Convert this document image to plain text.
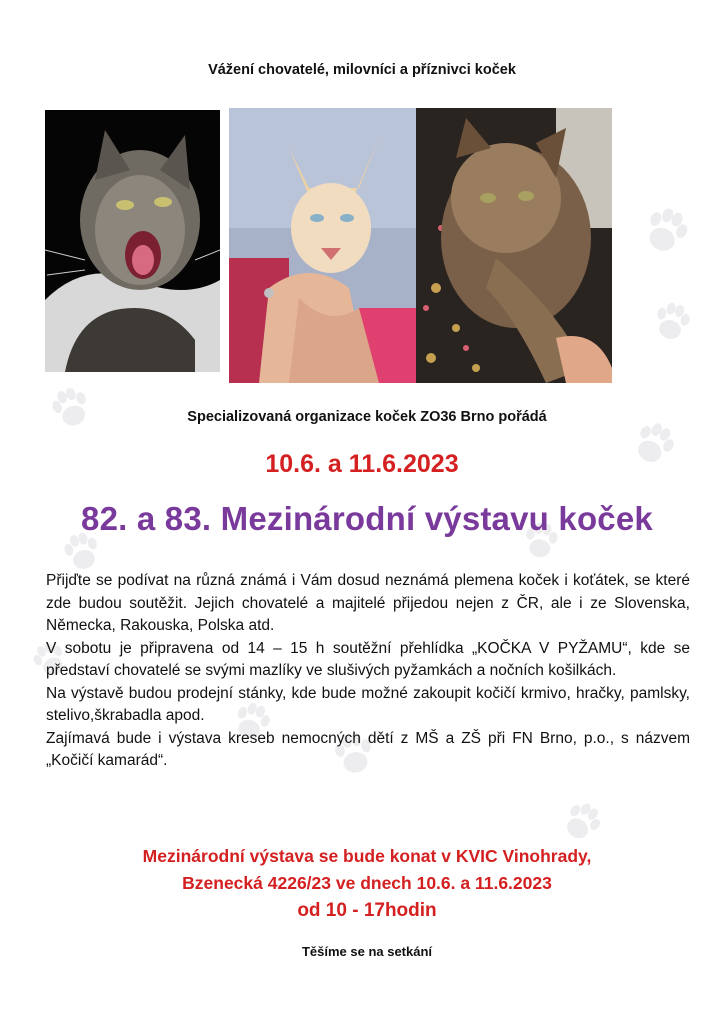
Vážení chovatelé, milovníci a příznivci koček
Specializovaná organizace koček ZO36 Brno pořádá
10.6. a 11.6.2023
82. a 83. Mezinárodní výstavu koček

Přijďte se podívat na různá známá i Vám dosud neznámá plemena koček i koťátek, se které zde budou soutěžit. Jejich chovatelé a majitelé přijedou nejen z ČR, ale i ze Slovenska, Německa, Rakouska, Polska atd.

V sobotu je připravena od 14 – 15 h soutěžní přehlídka „KOČKA V PYŽAMU“, kde se představí chovatelé se svými mazlíky ve slušivých pyžamkách a nočních košilkách.

Na výstavě budou prodejní stánky, kde bude možné zakoupit kočičí krmivo, hračky, pamlsky, stelivo,škrabadla apod.

Zajímavá bude i výstava kreseb nemocných dětí z MŠ a ZŠ při FN Brno, p.o., s názvem „Kočičí kamarád“.

Mezinárodní výstava se bude konat v KVIC Vinohrady,
Bzenecká 4226/23 ve dnech 10.6. a 11.6.2023
od 10 - 17hodin
Těšíme se na setkání
